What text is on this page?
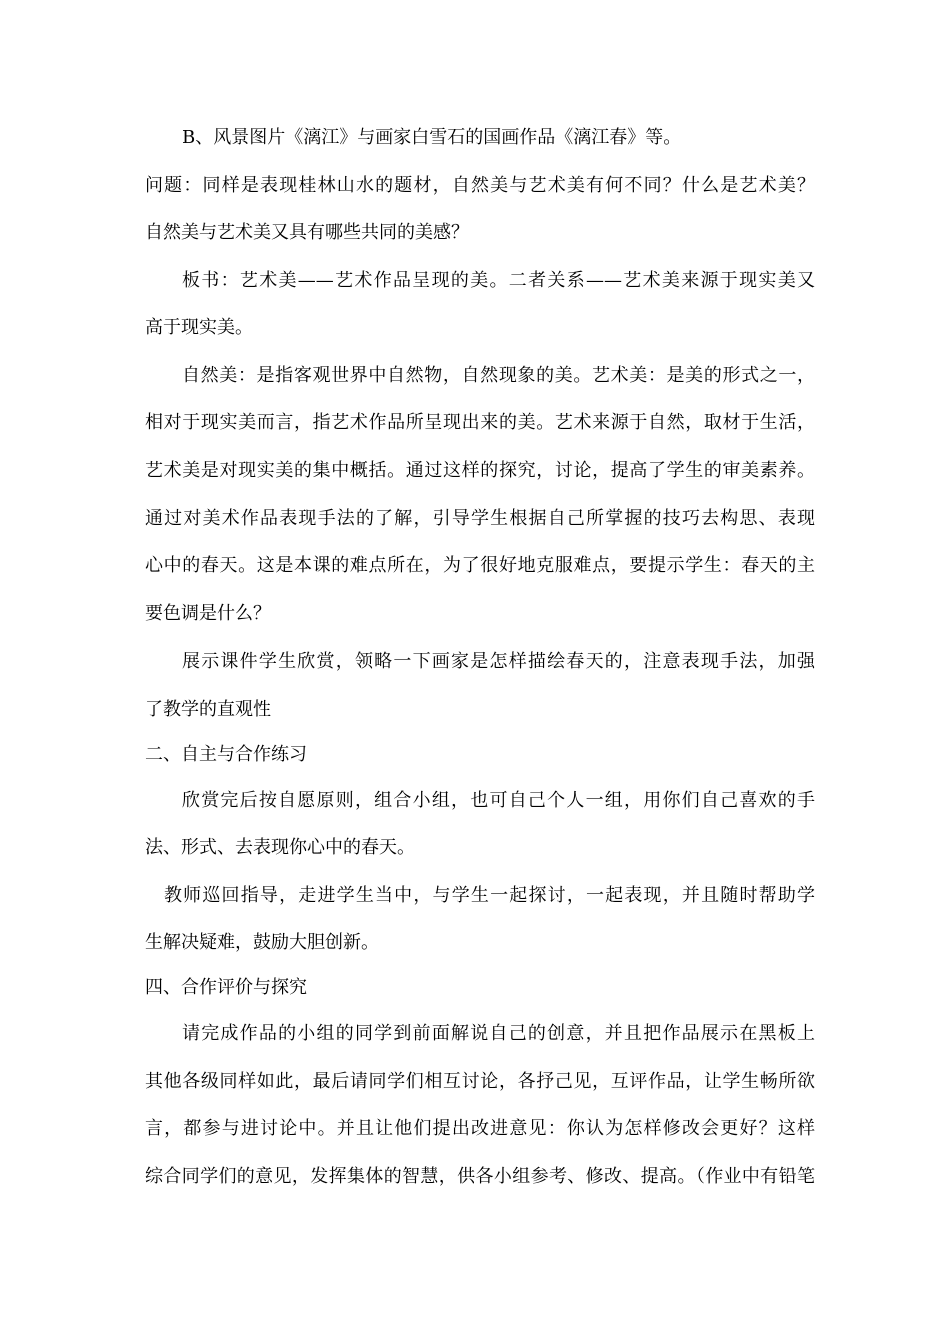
B、风景图片《漓江》与画家白雪石的国画作品《漓江春》等。
问题：同样是表现桂林山水的题材，自然美与艺术美有何不同？什么是艺术美？
自然美与艺术美又具有哪些共同的美感？
板书：艺术美——艺术作品呈现的美。二者关系——艺术美来源于现实美又
高于现实美。
自然美：是指客观世界中自然物，自然现象的美。艺术美：是美的形式之一，
相对于现实美而言，指艺术作品所呈现出来的美。艺术来源于自然，取材于生活，
艺术美是对现实美的集中概括。通过这样的探究，讨论，提高了学生的审美素养。
通过对美术作品表现手法的了解，引导学生根据自己所掌握的技巧去构思、表现
心中的春天。这是本课的难点所在，为了很好地克服难点，要提示学生：春天的主
要色调是什么？
展示课件学生欣赏，领略一下画家是怎样描绘春天的，注意表现手法，加强
了教学的直观性
二、自主与合作练习
欣赏完后按自愿原则，组合小组，也可自己个人一组，用你们自己喜欢的手
法、形式、去表现你心中的春天。
教师巡回指导，走进学生当中，与学生一起探讨，一起表现，并且随时帮助学
生解决疑难，鼓励大胆创新。
四、合作评价与探究
请完成作品的小组的同学到前面解说自己的创意，并且把作品展示在黑板上
其他各级同样如此，最后请同学们相互讨论，各抒己见，互评作品，让学生畅所欲
言，都参与进讨论中。并且让他们提出改进意见：你认为怎样修改会更好？这样
综合同学们的意见，发挥集体的智慧，供各小组参考、修改、提高。（作业中有铅笔
